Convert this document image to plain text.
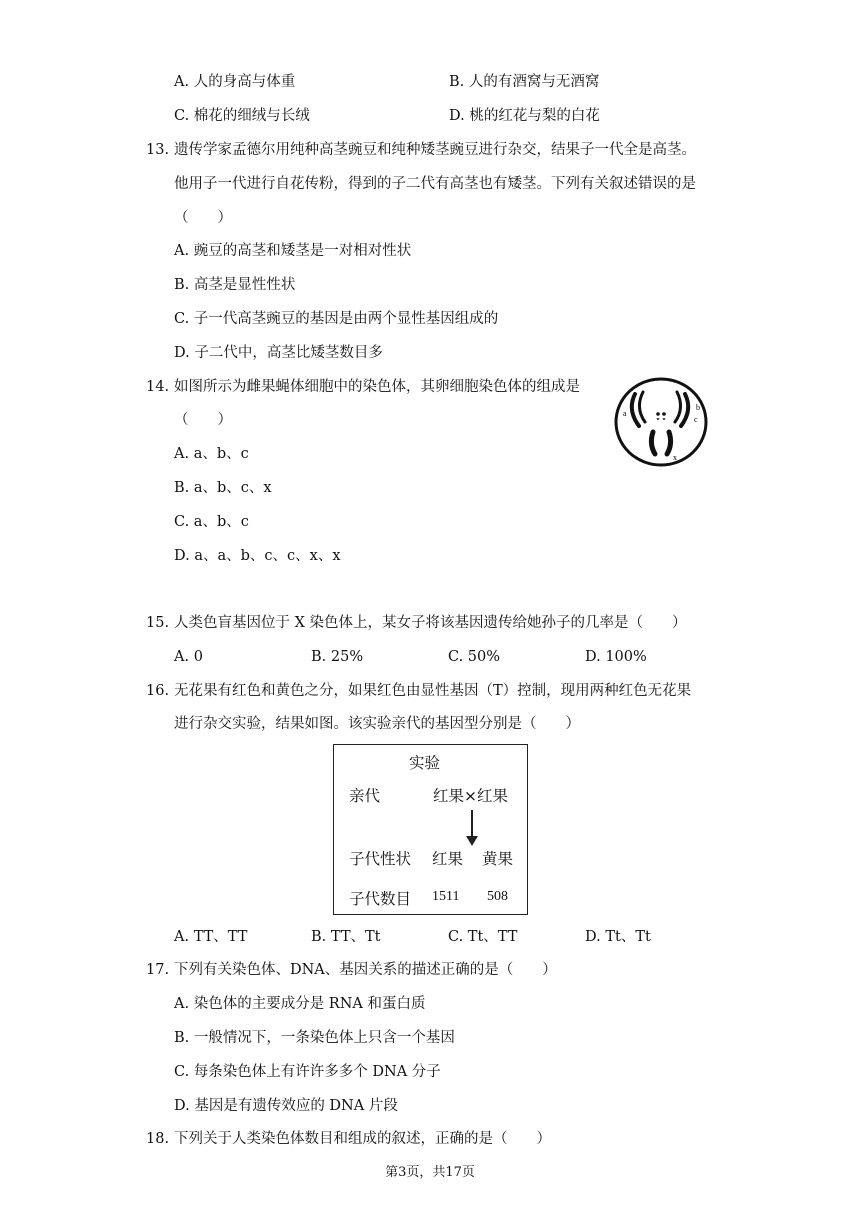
A. 人的身高与体重	B. 人的有酒窝与无酒窝
C. 棉花的细绒与长绒	D. 桃的红花与梨的白花
13. 遗传学家孟德尔用纯种高茎豌豆和纯种矮茎豌豆进行杂交，结果子一代全是高茎。
他用子一代进行自花传粉，得到的子二代有高茎也有矮茎。下列有关叙述错误的是
（　　）
A. 豌豆的高茎和矮茎是一对相对性状
B. 高茎是显性性状
C. 子一代高茎豌豆的基因是由两个显性基因组成的
D. 子二代中，高茎比矮茎数目多
14. 如图所示为雌果蝇体细胞中的染色体，其卵细胞染色体的组成是
（　　）
A. a、b、c
B. a、b、c、x
C. a、b、c
D. a、a、b、c、c、x、x
a
b
c
x
15. 人类色盲基因位于 X 染色体上，某女子将该基因遗传给她孙子的几率是（　　）
A. 0	B. 25%	C. 50%	D. 100%
16. 无花果有红色和黄色之分，如果红色由显性基因（T）控制，现用两种红色无花果
进行杂交实验，结果如图。该实验亲代的基因型分别是（　　）
实验
亲代	红果×红果
子代性状 红果 黄果
子代数目 1511 508
A. TT、TT	B. TT、Tt	C. Tt、TT	D. Tt、Tt
17. 下列有关染色体、DNA、基因关系的描述正确的是（　　）
A. 染色体的主要成分是 RNA 和蛋白质
B. 一般情况下，一条染色体上只含一个基因
C. 每条染色体上有许许多多个 DNA 分子
D. 基因是有遗传效应的 DNA 片段
18. 下列关于人类染色体数目和组成的叙述，正确的是（　　）
第3页，共17页
